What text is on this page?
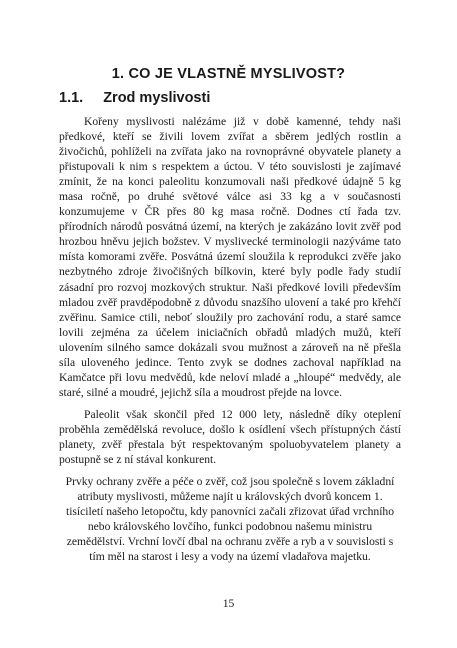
1. CO JE VLASTNĚ MYSLIVOST?
1.1. Zrod myslivosti

Kořeny myslivosti nalézáme již v době kamenné, tehdy naši předkové, kteří se živili lovem zvířat a sběrem jedlých rostlin a živočichů, pohlíželi na zvířata jako na rovnoprávné obyvatele planety a přistupovali k nim s respektem a úctou. V této souvislosti je zajímavé zmínit, že na konci paleolitu konzumovali naši předkové údajně 5 kg masa ročně, po druhé světové válce asi 33 kg a v současnosti konzumujeme v ČR přes 80 kg masa ročně. Dodnes ctí řada tzv. přírodních národů posvátná území, na kterých je zakázáno lovit zvěř pod hrozbou hněvu jejich božstev. V myslivecké terminologii nazýváme tato místa komorami zvěře. Posvátná území sloužila k reprodukci zvěře jako nezbytného zdroje živočišných bílkovin, které byly podle řady studií zásadní pro rozvoj mozkových struktur. Naši předkové lovili především mladou zvěř pravděpodobně z důvodu snazšího ulovení a také pro křehčí zvěřinu. Samice ctili, neboť sloužily pro zachování rodu, a staré samce lovili zejména za účelem iniciačních obřadů mladých mužů, kteří ulovením silného samce dokázali svou mužnost a zároveň na ně přešla síla uloveného jedince. Tento zvyk se dodnes zachoval například na Kamčatce při lovu medvědů, kde neloví mladé a „hloupé“ medvědy, ale staré, silné a moudré, jejichž síla a moudrost přejde na lovce.

Paleolit však skončil před 12 000 lety, následně díky oteplení proběhla zemědělská revoluce, došlo k osídlení všech přístupných částí planety, zvěř přestala být respektovaným spoluobyvatelem planety a postupně se z ní stával konkurent.

Prvky ochrany zvěře a péče o zvěř, což jsou společně s lovem základní atributy myslivosti, můžeme najít u královských dvorů koncem 1. tisíciletí našeho letopočtu, kdy panovníci začali zřizovat úřad vrchního nebo královského lovčího, funkci podobnou našemu ministru zemědělství. Vrchní lovčí dbal na ochranu zvěře a ryb a v souvislosti s tím měl na starost i lesy a vody na území vladařova majetku.

15
